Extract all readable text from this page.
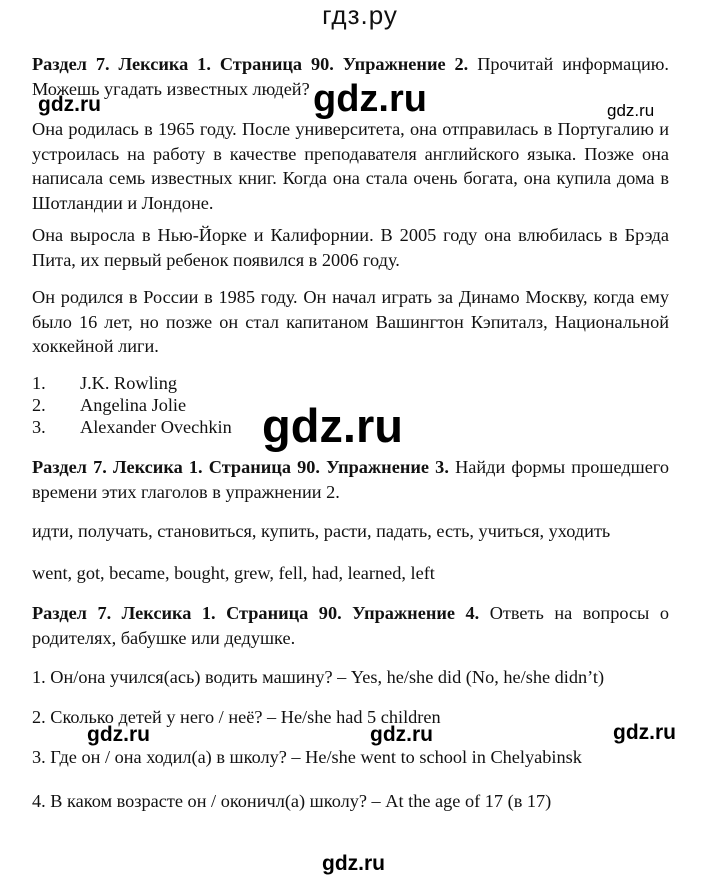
гдз.ру
Раздел 7. Лексика 1. Страница 90. Упражнение 2. Прочитай информацию. Можешь угадать известных людей?
Она родилась в 1965 году. После университета, она отправилась в Португалию и устроилась на работу в качестве преподавателя английского языка. Позже она написала семь известных книг. Когда она стала очень богата, она купила дома в Шотландии и Лондоне.
Она выросла в Нью-Йорке и Калифорнии. В 2005 году она влюбилась в Брэда Пита, их первый ребенок появился в 2006 году.
Он родился в России в 1985 году. Он начал играть за Динамо Москву, когда ему было 16 лет, но позже он стал капитаном Вашингтон Кэпиталз, Национальной хоккейной лиги.
1. J.K. Rowling
2. Angelina Jolie
3. Alexander Ovechkin
Раздел 7. Лексика 1. Страница 90. Упражнение 3. Найди формы прошедшего времени этих глаголов в упражнении 2.
идти, получать, становиться, купить, расти, падать, есть, учиться, уходить
went, got, became, bought, grew, fell, had, learned, left
Раздел 7. Лексика 1. Страница 90. Упражнение 4. Ответь на вопросы о родителях, бабушке или дедушке.
1. Он/она учился(ась) водить машину? – Yes, he/she did (No, he/she didn’t)
2. Сколько детей у него / неё? – He/she had 5 children
3. Где он / она ходил(а) в школу? – He/she went to school in Chelyabinsk
4. В каком возрасте он / оконичл(а) школу? – At the age of 17 (в 17)
gdz.ru	gdz.ru	gdz.ru
gdz.ru
gdz.ru	gdz.ru	gdz.ru
gdz.ru
